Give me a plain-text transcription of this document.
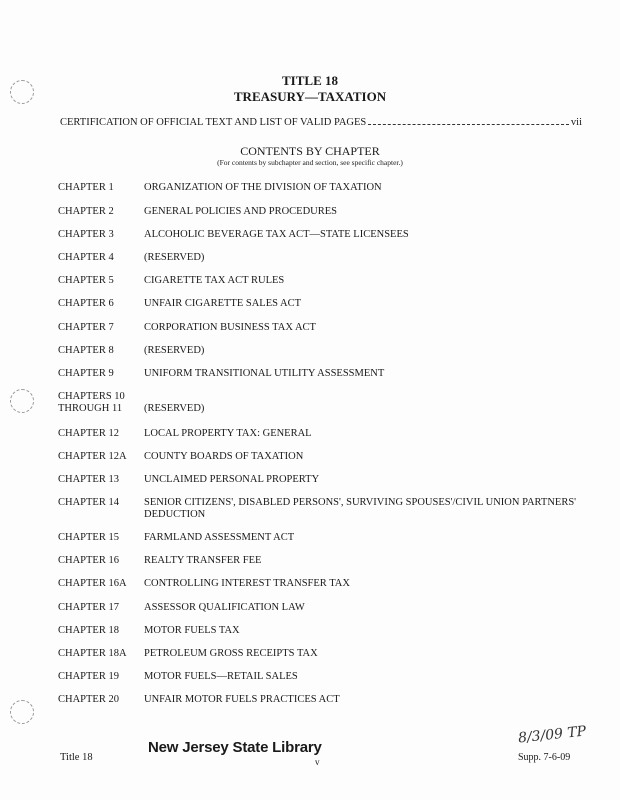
TITLE 18
TREASURY—TAXATION
CERTIFICATION OF OFFICIAL TEXT AND LIST OF VALID PAGES	vii
CONTENTS BY CHAPTER
(For contents by subchapter and section, see specific chapter.)
CHAPTER 1	ORGANIZATION OF THE DIVISION OF TAXATION
CHAPTER 2	GENERAL POLICIES AND PROCEDURES
CHAPTER 3	ALCOHOLIC BEVERAGE TAX ACT—STATE LICENSEES
CHAPTER 4	(RESERVED)
CHAPTER 5	CIGARETTE TAX ACT RULES
CHAPTER 6	UNFAIR CIGARETTE SALES ACT
CHAPTER 7	CORPORATION BUSINESS TAX ACT
CHAPTER 8	(RESERVED)
CHAPTER 9	UNIFORM TRANSITIONAL UTILITY ASSESSMENT
CHAPTERS 10
THROUGH 11	(RESERVED)
CHAPTER 12	LOCAL PROPERTY TAX: GENERAL
CHAPTER 12A	COUNTY BOARDS OF TAXATION
CHAPTER 13	UNCLAIMED PERSONAL PROPERTY
CHAPTER 14	SENIOR CITIZENS', DISABLED PERSONS', SURVIVING SPOUSES'/CIVIL UNION PARTNERS'
DEDUCTION
CHAPTER 15	FARMLAND ASSESSMENT ACT
CHAPTER 16	REALTY TRANSFER FEE
CHAPTER 16A	CONTROLLING INTEREST TRANSFER TAX
CHAPTER 17	ASSESSOR QUALIFICATION LAW
CHAPTER 18	MOTOR FUELS TAX
CHAPTER 18A	PETROLEUM GROSS RECEIPTS TAX
CHAPTER 19	MOTOR FUELS—RETAIL SALES
CHAPTER 20	UNFAIR MOTOR FUELS PRACTICES ACT
Title 18
New Jersey State Library
v
8/3/09 TP
Supp. 7-6-09
